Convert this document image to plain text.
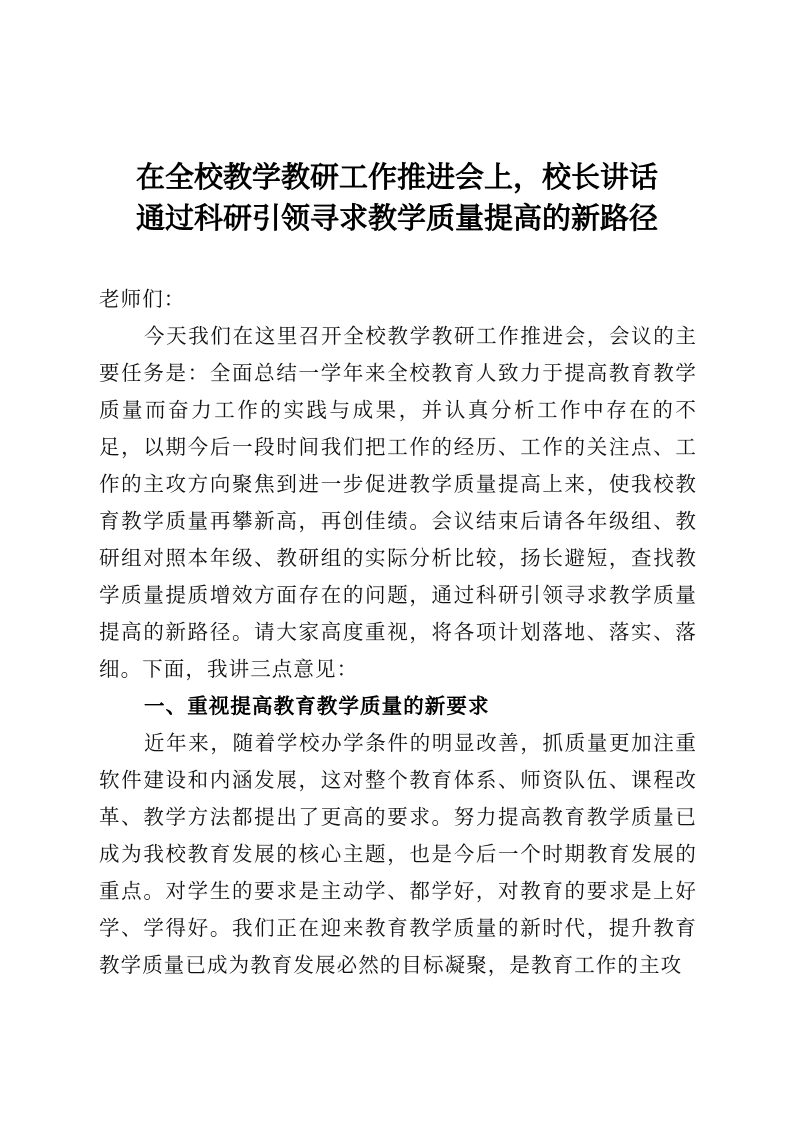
在全校教学教研工作推进会上，校长讲话
通过科研引领寻求教学质量提高的新路径

老师们：

今天我们在这里召开全校教学教研工作推进会，会议的主要任务是：全面总结一学年来全校教育人致力于提高教育教学质量而奋力工作的实践与成果，并认真分析工作中存在的不足，以期今后一段时间我们把工作的经历、工作的关注点、工作的主攻方向聚焦到进一步促进教学质量提高上来，使我校教育教学质量再攀新高，再创佳绩。会议结束后请各年级组、教研组对照本年级、教研组的实际分析比较，扬长避短，查找教学质量提质增效方面存在的问题，通过科研引领寻求教学质量提高的新路径。请大家高度重视，将各项计划落地、落实、落细。下面，我讲三点意见：

一、重视提高教育教学质量的新要求

近年来，随着学校办学条件的明显改善，抓质量更加注重软件建设和内涵发展，这对整个教育体系、师资队伍、课程改革、教学方法都提出了更高的要求。努力提高教育教学质量已成为我校教育发展的核心主题，也是今后一个时期教育发展的重点。对学生的要求是主动学、都学好，对教育的要求是上好学、学得好。我们正在迎来教育教学质量的新时代，提升教育教学质量已成为教育发展必然的目标凝聚，是教育工作的主攻
